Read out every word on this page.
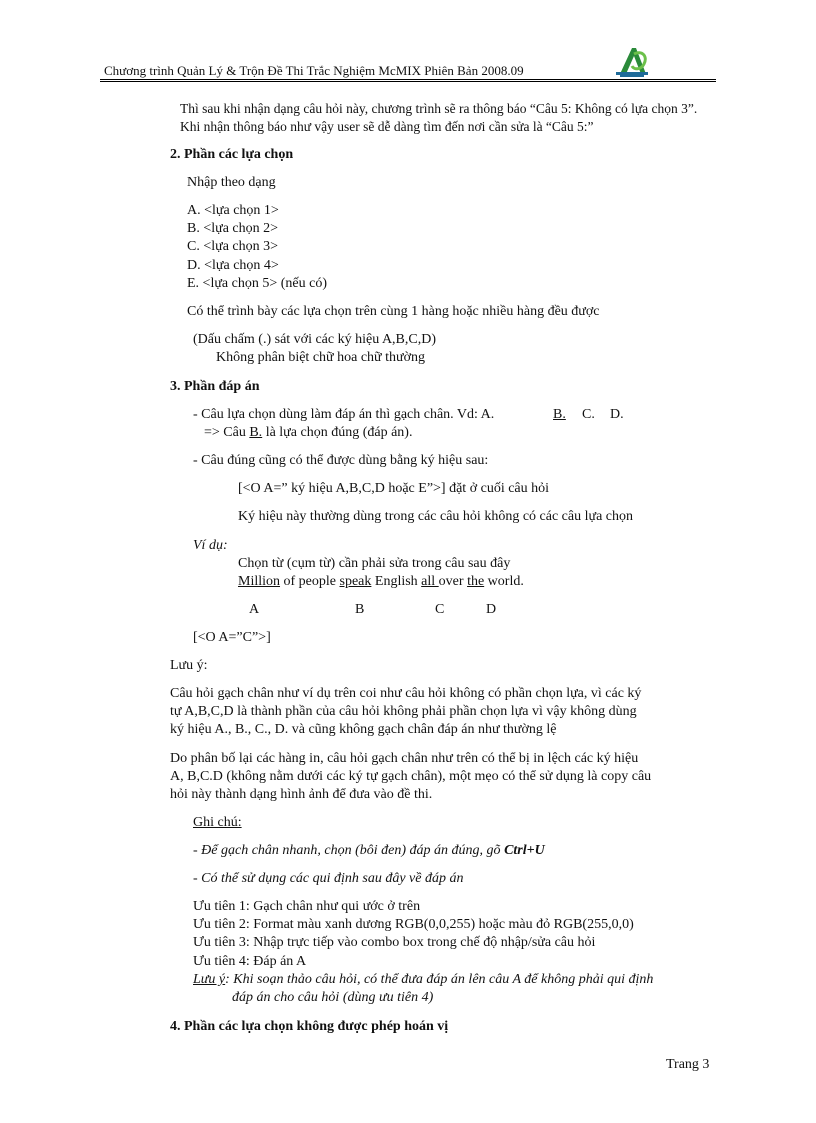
Chương trình Quản Lý & Trộn Đề Thi Trắc Nghiệm McMIX Phiên Bản 2008.09
Thì sau khi nhận dạng câu hỏi này, chương trình sẽ ra thông báo “Câu 5: Không có lựa chọn 3”.
Khi nhận thông báo như vậy user sẽ dễ dàng tìm đến nơi cần sửa là “Câu 5:”
2. Phần các lựa chọn
Nhập theo dạng
A. <lựa chọn 1>
B. <lựa chọn 2>
C. <lựa chọn 3>
D. <lựa chọn 4>
E. <lựa chọn 5> (nếu có)
Có thể trình bày các lựa chọn trên cùng 1 hàng hoặc nhiều hàng đều được
(Dấu chấm (.) sát với các ký hiệu A,B,C,D)
Không phân biệt chữ hoa chữ thường
3. Phần đáp án
- Câu lựa chọn dùng làm đáp án thì gạch chân. Vd: A.	B. C. D.
=> Câu B. là lựa chọn đúng (đáp án).
- Câu đúng cũng có thể được dùng bằng ký hiệu sau:
[<O A=” ký hiệu A,B,C,D hoặc E”>] đặt ở cuối câu hỏi
Ký hiệu này thường dùng trong các câu hỏi không có các câu lựa chọn
Ví dụ:
Chọn từ (cụm từ) cần phải sửa trong câu sau đây
Million of people speak English all over the world.
A	B	C	D
[<O A=”C”>]
Lưu ý:
Câu hỏi gạch chân như ví dụ trên coi như câu hỏi không có phần chọn lựa, vì các ký
tự A,B,C,D là thành phần của câu hỏi không phải phần chọn lựa vì vậy không dùng
ký hiệu A., B., C., D. và cũng không gạch chân đáp án như thường lệ
Do phân bố lại các hàng in, câu hỏi gạch chân như trên có thể bị in lệch các ký hiệu
A, B,C.D (không nằm dưới các ký tự gạch chân), một mẹo có thể sử dụng là copy câu
hỏi này thành dạng hình ảnh để đưa vào đề thi.
Ghi chú:
- Để gạch chân nhanh, chọn (bôi đen) đáp án đúng, gõ Ctrl+U
- Có thể sử dụng các qui định sau đây về đáp án
Ưu tiên 1: Gạch chân như qui ước ở trên
Ưu tiên 2: Format màu xanh dương RGB(0,0,255) hoặc màu đỏ RGB(255,0,0)
Ưu tiên 3: Nhập trực tiếp vào combo box trong chế độ nhập/sửa câu hỏi
Ưu tiên 4: Đáp án A
Lưu ý: Khi soạn thảo câu hỏi, có thể đưa đáp án lên câu A để không phải qui định
đáp án cho câu hỏi (dùng ưu tiên 4)
4. Phần các lựa chọn không được phép hoán vị
Trang 3
